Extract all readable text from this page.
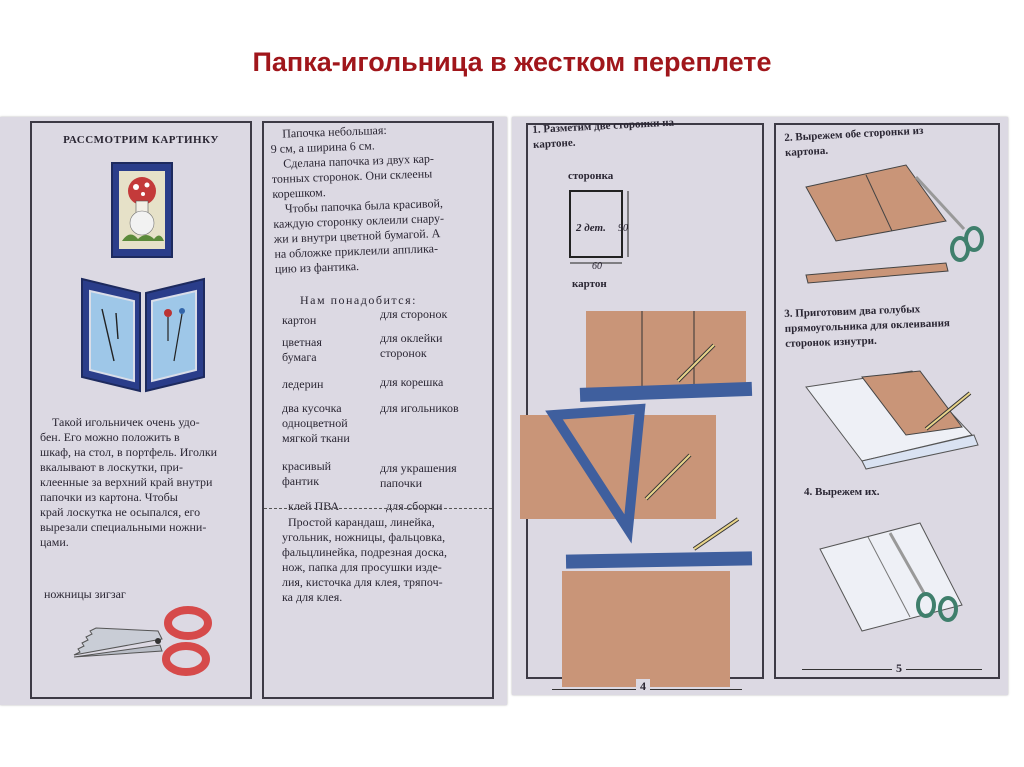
Папка-игольница в жестком переплете
РАССМОТРИМ КАРТИНКУ
Такой игольничек очень удо-
бен. Его можно положить в
шкаф, на стол, в портфель. Иголки
вкалывают в лоскутки, при-
клеенные за верхний край внутри
папочки из картона. Чтобы
край лоскутка не осыпался, его
вырезали специальными ножни-
цами.
ножницы зигзаг
Папочка небольшая:
9 см, а ширина 6 см.
Сделана папочка из двух кар-
тонных сторонок. Они склеены
корешком.
Чтобы папочка была красивой,
каждую сторонку оклеили снару-
жи и внутри цветной бумагой. А
на обложке приклеили апплика-
цию из фантика.
Нам понадобится:
картон	для сторонок
цветная бумага
для оклейки сторонок
ледерин	для корешка
два кусочка одноцветной мягкой ткани
для игольников
красивый фантик
для украшения папочки
клей ПВА	для сборки
Простой карандаш, линейка,
угольник, ножницы, фальцовка,
фальцлинейка, подрезная доска,
нож, папка для просушки изде-
лия, кисточка для клея, тряпоч-
ка для клея.
1. Разметим две сторонки на
картоне.
сторонка
2 дет. 90
60
картон
2. Вырежем обе сторонки из
картона.
3. Приготовим два голубых
прямоугольника для оклеивания
сторонок изнутри.
4. Вырежем их.
4
5
